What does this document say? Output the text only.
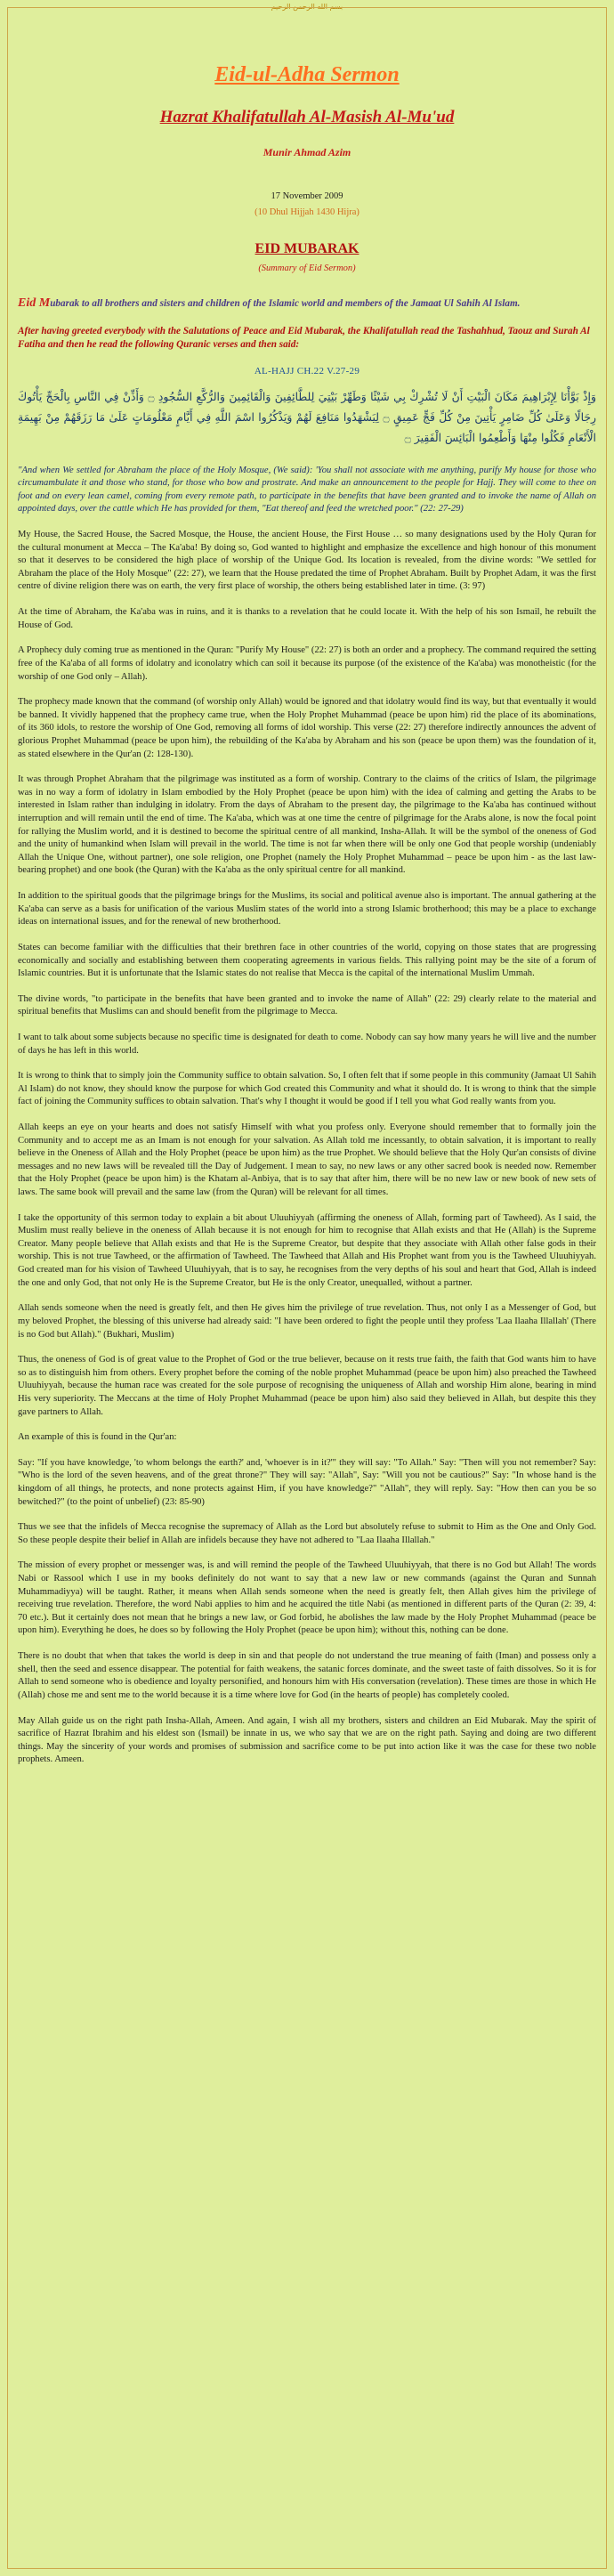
بسم الله الرحمن الرحيم
Eid-ul-Adha Sermon
Hazrat Khalifatullah Al-Masish Al-Mu'ud
Munir Ahmad Azim
17 November 2009
(10 Dhul Hijjah 1430 Hijra)
EID MUBARAK
(Summary of Eid Sermon)
Eid Mubarak to all brothers and sisters and children of the Islamic world and members of the Jamaat Ul Sahih Al Islam.
After having greeted everybody with the Salutations of Peace and Eid Mubarak, the Khalifatullah read the Tashahhud, Taouz and Surah Al Fatiha and then he read the following Quranic verses and then said:
AL-HAJJ CH.22 V.27-29
وَإِذْ بَوَّأْنَا لِإِبْرَاهِيمَ مَكَانَ الْبَيْتِ أَنْ لَا تُشْرِكْ بِي شَيْئًا وَطَهِّرْ بَيْتِيَ لِلطَّائِفِينَ وَالْقَائِمِينَ وَالرُّكَّعِ السُّجُودِ ۝ وَأَذِّنْ فِي النَّاسِ بِالْحَجِّ يَأْتُوكَ رِجَالًا وَعَلَىٰ كُلِّ ضَامِرٍ يَأْتِينَ مِنْ كُلِّ فَجٍّ عَمِيقٍ ۝ لِيَشْهَدُوا مَنَافِعَ لَهُمْ وَيَذْكُرُوا اسْمَ اللَّهِ فِي أَيَّامٍ مَعْلُومَاتٍ عَلَىٰ مَا رَزَقَهُمْ مِنْ بَهِيمَةِ الْأَنْعَامِ فَكُلُوا مِنْهَا وَأَطْعِمُوا الْبَائِسَ الْفَقِيرَ ۝
"And when We settled for Abraham the place of the Holy Mosque, (We said): 'You shall not associate with me anything, purify My house for those who circumambulate it and those who stand, for those who bow and prostrate. And make an announcement to the people for Hajj. They will come to thee on foot and on every lean camel, coming from every remote path, to participate in the benefits that have been granted and to invoke the name of Allah on appointed days, over the cattle which He has provided for them, "Eat thereof and feed the wretched poor." (22: 27-29)

My House, the Sacred House, the Sacred Mosque, the House, the ancient House, the First House … so many designations used by the Holy Quran for the cultural monument at Mecca – The Ka'aba! By doing so, God wanted to highlight and emphasize the excellence and high honour of this monument so that it deserves to be considered the high place of worship of the Unique God. Its location is revealed, from the divine words: "We settled for Abraham the place of the Holy Mosque" (22: 27), we learn that the House predated the time of Prophet Abraham. Built by Prophet Adam, it was the first centre of divine religion there was on earth, the very first place of worship, the others being established later in time. (3: 97)

At the time of Abraham, the Ka'aba was in ruins, and it is thanks to a revelation that he could locate it. With the help of his son Ismail, he rebuilt the House of God.

A Prophecy duly coming true as mentioned in the Quran: "Purify My House" (22: 27) is both an order and a prophecy. The command required the setting free of the Ka'aba of all forms of idolatry and iconolatry which can soil it because its purpose (of the existence of the Ka'aba) was monotheistic (for the worship of one God only – Allah).

The prophecy made known that the command (of worship only Allah) would be ignored and that idolatry would find its way, but that eventually it would be banned. It vividly happened that the prophecy came true, when the Holy Prophet Muhammad (peace be upon him) rid the place of its abominations, of its 360 idols, to restore the worship of One God, removing all forms of idol worship. This verse (22: 27) therefore indirectly announces the advent of glorious Prophet Muhammad (peace be upon him), the rebuilding of the Ka'aba by Abraham and his son (peace be upon them) was the foundation of it, as stated elsewhere in the Qur'an (2: 128-130).

It was through Prophet Abraham that the pilgrimage was instituted as a form of worship. Contrary to the claims of the critics of Islam, the pilgrimage was in no way a form of idolatry in Islam embodied by the Holy Prophet (peace be upon him) with the idea of calming and getting the Arabs to be interested in Islam rather than indulging in idolatry. From the days of Abraham to the present day, the pilgrimage to the Ka'aba has continued without interruption and will remain until the end of time. The Ka'aba, which was at one time the centre of pilgrimage for the Arabs alone, is now the focal point for rallying the Muslim world, and it is destined to become the spiritual centre of all mankind, Insha-Allah. It will be the symbol of the oneness of God and the unity of humankind when Islam will prevail in the world. The time is not far when there will be only one God that people worship (undeniably Allah the Unique One, without partner), one sole religion, one Prophet (namely the Holy Prophet Muhammad – peace be upon him - as the last law-bearing prophet) and one book (the Quran) with the Ka'aba as the only spiritual centre for all mankind.

In addition to the spiritual goods that the pilgrimage brings for the Muslims, its social and political avenue also is important. The annual gathering at the Ka'aba can serve as a basis for unification of the various Muslim states of the world into a strong Islamic brotherhood; this may be a place to exchange ideas on international issues, and for the renewal of new brotherhood.

States can become familiar with the difficulties that their brethren face in other countries of the world, copying on those states that are progressing economically and socially and establishing between them cooperating agreements in various fields. This rallying point may be the site of a forum of Islamic countries. But it is unfortunate that the Islamic states do not realise that Mecca is the capital of the international Muslim Ummah.

The divine words, "to participate in the benefits that have been granted and to invoke the name of Allah" (22: 29) clearly relate to the material and spiritual benefits that Muslims can and should benefit from the pilgrimage to Mecca.

I want to talk about some subjects because no specific time is designated for death to come. Nobody can say how many years he will live and the number of days he has left in this world.

It is wrong to think that to simply join the Community suffice to obtain salvation. So, I often felt that if some people in this community (Jamaat Ul Sahih Al Islam) do not know, they should know the purpose for which God created this Community and what it should do. It is wrong to think that the simple fact of joining the Community suffices to obtain salvation. That's why I thought it would be good if I tell you what God really wants from you.

Allah keeps an eye on your hearts and does not satisfy Himself with what you profess only. Everyone should remember that to formally join the Community and to accept me as an Imam is not enough for your salvation. As Allah told me incessantly, to obtain salvation, it is important to really believe in the Oneness of Allah and the Holy Prophet (peace be upon him) as the true Prophet. We should believe that the Holy Qur'an consists of divine messages and no new laws will be revealed till the Day of Judgement. I mean to say, no new laws or any other sacred book is needed now. Remember that the Holy Prophet (peace be upon him) is the Khatam al-Anbiya, that is to say that after him, there will be no new law or new book of new sets of laws. The same book will prevail and the same law (from the Quran) will be relevant for all times.

I take the opportunity of this sermon today to explain a bit about Uluuhiyyah (affirming the oneness of Allah, forming part of Tawheed). As I said, the Muslim must really believe in the oneness of Allah because it is not enough for him to recognise that Allah exists and that He (Allah) is the Supreme Creator. Many people believe that Allah exists and that He is the Supreme Creator, but despite that they associate with Allah other false gods in their worship. This is not true Tawheed, or the affirmation of Tawheed. The Tawheed that Allah and His Prophet want from you is the Tawheed Uluuhiyyah. God created man for his vision of Tawheed Uluuhiyyah, that is to say, he recognises from the very depths of his soul and heart that God, Allah is indeed the one and only God, that not only He is the Supreme Creator, but He is the only Creator, unequalled, without a partner.

Allah sends someone when the need is greatly felt, and then He gives him the privilege of true revelation. Thus, not only I as a Messenger of God, but my beloved Prophet, the blessing of this universe had already said: "I have been ordered to fight the people until they profess 'Laa Ilaaha Illallah' (There is no God but Allah)." (Bukhari, Muslim)

Thus, the oneness of God is of great value to the Prophet of God or the true believer, because on it rests true faith, the faith that God wants him to have so as to distinguish him from others. Every prophet before the coming of the noble prophet Muhammad (peace be upon him) also preached the Tawheed Uluuhiyyah, because the human race was created for the sole purpose of recognising the uniqueness of Allah and worship Him alone, bearing in mind His very superiority. The Meccans at the time of Holy Prophet Muhammad (peace be upon him) also said they believed in Allah, but despite this they gave partners to Allah.

An example of this is found in the Qur'an:

Say: "If you have knowledge, 'to whom belongs the earth?' and, 'whoever is in it?'" they will say: "To Allah." Say: "Then will you not remember? Say: "Who is the lord of the seven heavens, and of the great throne?" They will say: "Allah", Say: "Will you not be cautious?" Say: "In whose hand is the kingdom of all things, he protects, and none protects against Him, if you have knowledge?" "Allah", they will reply. Say: "How then can you be so bewitched?" (to the point of unbelief) (23: 85-90)

Thus we see that the infidels of Mecca recognise the supremacy of Allah as the Lord but absolutely refuse to submit to Him as the One and Only God. So these people despite their belief in Allah are infidels because they have not adhered to "Laa Ilaaha Illallah."

The mission of every prophet or messenger was, is and will remind the people of the Tawheed Uluuhiyyah, that there is no God but Allah! The words Nabi or Rassool which I use in my books definitely do not want to say that a new law or new commands (against the Quran and Sunnah Muhammadiyya) will be taught. Rather, it means when Allah sends someone when the need is greatly felt, then Allah gives him the privilege of receiving true revelation. Therefore, the word Nabi applies to him and he acquired the title Nabi (as mentioned in different parts of the Quran (2: 39, 4: 70 etc.). But it certainly does not mean that he brings a new law, or God forbid, he abolishes the law made by the Holy Prophet Muhammad (peace be upon him). Everything he does, he does so by following the Holy Prophet (peace be upon him); without this, nothing can be done.

There is no doubt that when that takes the world is deep in sin and that people do not understand the true meaning of faith (Iman) and possess only a shell, then the seed and essence disappear. The potential for faith weakens, the satanic forces dominate, and the sweet taste of faith dissolves. So it is for Allah to send someone who is obedience and loyalty personified, and honours him with His conversation (revelation). These times are those in which He (Allah) chose me and sent me to the world because it is a time where love for God (in the hearts of people) has completely cooled.

May Allah guide us on the right path Insha-Allah, Ameen. And again, I wish all my brothers, sisters and children an Eid Mubarak. May the spirit of sacrifice of Hazrat Ibrahim and his eldest son (Ismail) be innate in us, we who say that we are on the right path. Saying and doing are two different things. May the sincerity of your words and promises of submission and sacrifice come to be put into action like it was the case for these two noble prophets. Ameen.
